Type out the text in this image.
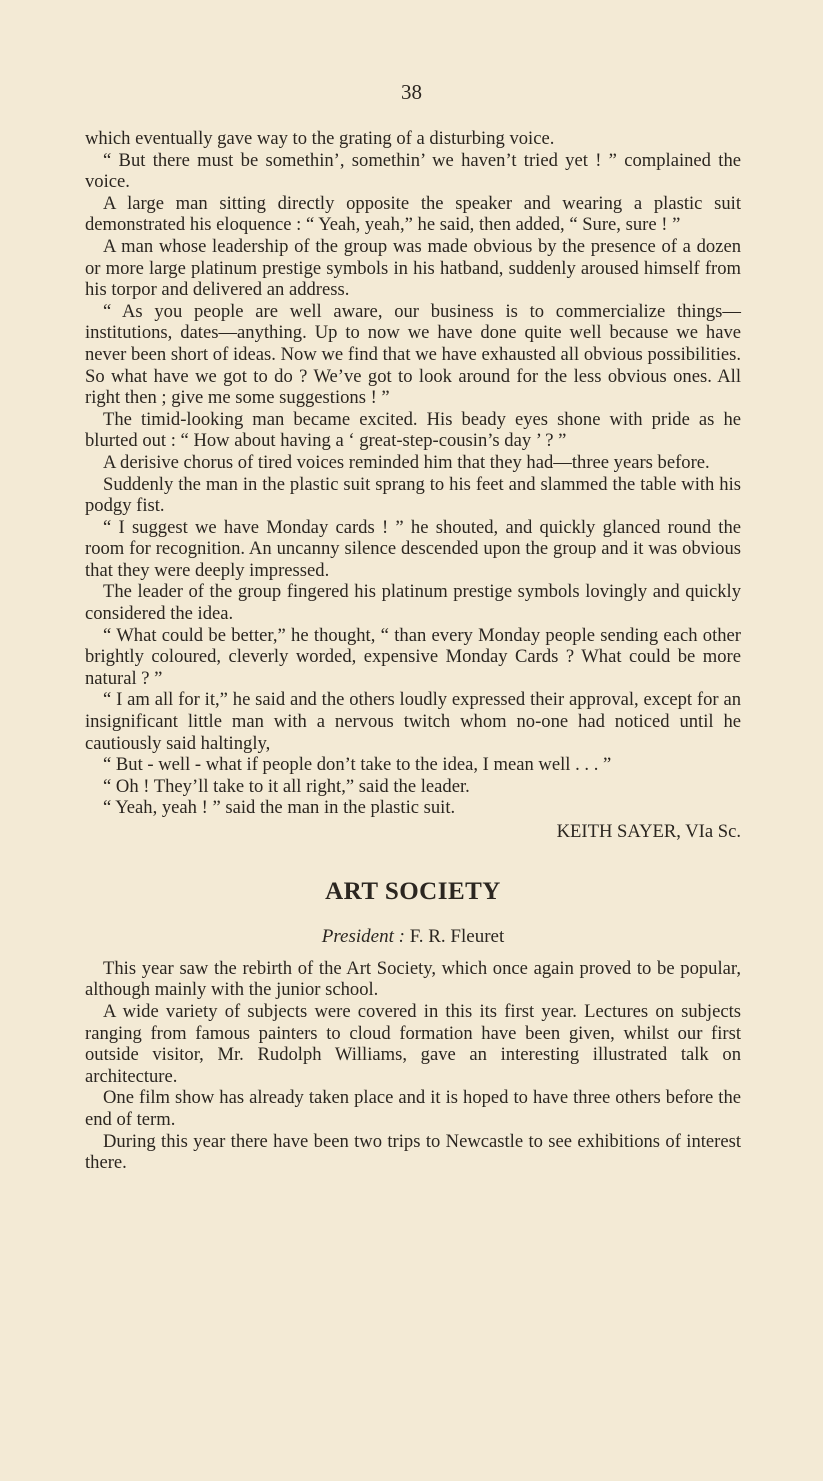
38

which eventually gave way to the grating of a disturbing voice.

“ But there must be somethin’, somethin’ we haven’t tried yet ! ” complained the voice.

A large man sitting directly opposite the speaker and wearing a plastic suit demonstrated his eloquence : “ Yeah, yeah,” he said, then added, “ Sure, sure ! ”

A man whose leadership of the group was made obvious by the presence of a dozen or more large platinum prestige symbols in his hatband, suddenly aroused himself from his torpor and delivered an address.

“ As you people are well aware, our business is to commercialize things—institutions, dates—anything. Up to now we have done quite well because we have never been short of ideas. Now we find that we have exhausted all obvious possibilities. So what have we got to do ? We’ve got to look around for the less obvious ones. All right then ; give me some suggestions ! ”

The timid-looking man became excited. His beady eyes shone with pride as he blurted out : “ How about having a ‘ great-step-cousin’s day ’ ? ”

A derisive chorus of tired voices reminded him that they had—three years before.

Suddenly the man in the plastic suit sprang to his feet and slammed the table with his podgy fist.

“ I suggest we have Monday cards ! ” he shouted, and quickly glanced round the room for recognition. An uncanny silence descended upon the group and it was obvious that they were deeply impressed.

The leader of the group fingered his platinum prestige symbols lovingly and quickly considered the idea.

“ What could be better,” he thought, “ than every Monday people sending each other brightly coloured, cleverly worded, expensive Monday Cards ? What could be more natural ? ”

“ I am all for it,” he said and the others loudly expressed their approval, except for an insignificant little man with a nervous twitch whom no-one had noticed until he cautiously said haltingly,

“ But - well - what if people don’t take to the idea, I mean well . . . ”

“ Oh ! They’ll take to it all right,” said the leader.

“ Yeah, yeah ! ” said the man in the plastic suit.

KEITH SAYER, VIa Sc.
ART SOCIETY
President : F. R. Fleuret

This year saw the rebirth of the Art Society, which once again proved to be popular, although mainly with the junior school.

A wide variety of subjects were covered in this its first year. Lectures on subjects ranging from famous painters to cloud formation have been given, whilst our first outside visitor, Mr. Rudolph Williams, gave an interesting illustrated talk on architecture.

One film show has already taken place and it is hoped to have three others before the end of term.

During this year there have been two trips to Newcastle to see exhibitions of interest there.
